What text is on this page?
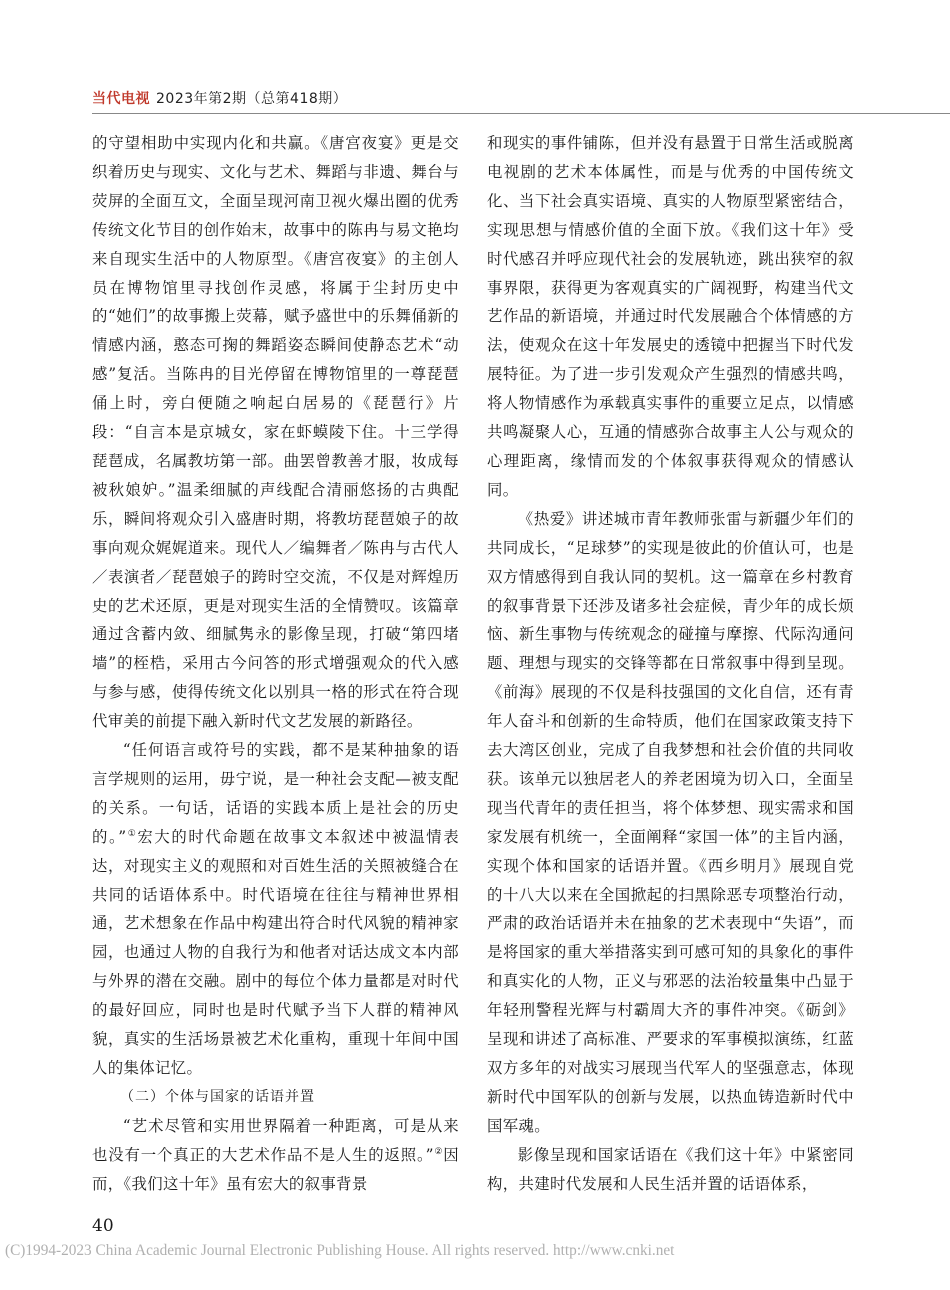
当代电视 2023年第2期（总第418期）

的守望相助中实现内化和共赢。《唐宫夜宴》更是交织着历史与现实、文化与艺术、舞蹈与非遗、舞台与荧屏的全面互文，全面呈现河南卫视火爆出圈的优秀传统文化节目的创作始末，故事中的陈冉与易文艳均来自现实生活中的人物原型。《唐宫夜宴》的主创人员在博物馆里寻找创作灵感，将属于尘封历史中的“她们”的故事搬上荧幕，赋予盛世中的乐舞俑新的情感内涵，憨态可掬的舞蹈姿态瞬间使静态艺术“动感”复活。当陈冉的目光停留在博物馆里的一尊琵琶俑上时，旁白便随之响起白居易的《琵琶行》片段：“自言本是京城女，家在虾蟆陵下住。十三学得琵琶成，名属教坊第一部。曲罢曾教善才服，妆成每被秋娘妒。”温柔细腻的声线配合清丽悠扬的古典配乐，瞬间将观众引入盛唐时期，将教坊琵琶娘子的故事向观众娓娓道来。现代人／编舞者／陈冉与古代人／表演者／琵琶娘子的跨时空交流，不仅是对辉煌历史的艺术还原，更是对现实生活的全情赞叹。该篇章通过含蓄内敛、细腻隽永的影像呈现，打破“第四堵墙”的桎梏，采用古今问答的形式增强观众的代入感与参与感，使得传统文化以别具一格的形式在符合现代审美的前提下融入新时代文艺发展的新路径。

“任何语言或符号的实践，都不是某种抽象的语言学规则的运用，毋宁说，是一种社会支配—被支配的关系。一句话，话语的实践本质上是社会的历史的。”①宏大的时代命题在故事文本叙述中被温情表达，对现实主义的观照和对百姓生活的关照被缝合在共同的话语体系中。时代语境在往往与精神世界相通，艺术想象在作品中构建出符合时代风貌的精神家园，也通过人物的自我行为和他者对话达成文本内部与外界的潜在交融。剧中的每位个体力量都是对时代的最好回应，同时也是时代赋予当下人群的精神风貌，真实的生活场景被艺术化重构，重现十年间中国人的集体记忆。

（二）个体与国家的话语并置

“艺术尽管和实用世界隔着一种距离，可是从来也没有一个真正的大艺术作品不是人生的返照。”②因而，《我们这十年》虽有宏大的叙事背景

和现实的事件铺陈，但并没有悬置于日常生活或脱离电视剧的艺术本体属性，而是与优秀的中国传统文化、当下社会真实语境、真实的人物原型紧密结合，实现思想与情感价值的全面下放。《我们这十年》受时代感召并呼应现代社会的发展轨迹，跳出狭窄的叙事界限，获得更为客观真实的广阔视野，构建当代文艺作品的新语境，并通过时代发展融合个体情感的方法，使观众在这十年发展史的透镜中把握当下时代发展特征。为了进一步引发观众产生强烈的情感共鸣，将人物情感作为承载真实事件的重要立足点，以情感共鸣凝聚人心，互通的情感弥合故事主人公与观众的心理距离，缘情而发的个体叙事获得观众的情感认同。

《热爱》讲述城市青年教师张雷与新疆少年们的共同成长，“足球梦”的实现是彼此的价值认可，也是双方情感得到自我认同的契机。这一篇章在乡村教育的叙事背景下还涉及诸多社会症候，青少年的成长烦恼、新生事物与传统观念的碰撞与摩擦、代际沟通问题、理想与现实的交锋等都在日常叙事中得到呈现。《前海》展现的不仅是科技强国的文化自信，还有青年人奋斗和创新的生命特质，他们在国家政策支持下去大湾区创业，完成了自我梦想和社会价值的共同收获。该单元以独居老人的养老困境为切入口，全面呈现当代青年的责任担当，将个体梦想、现实需求和国家发展有机统一，全面阐释“家国一体”的主旨内涵，实现个体和国家的话语并置。《西乡明月》展现自党的十八大以来在全国掀起的扫黑除恶专项整治行动，严肃的政治话语并未在抽象的艺术表现中“失语”，而是将国家的重大举措落实到可感可知的具象化的事件和真实化的人物，正义与邪恶的法治较量集中凸显于年轻刑警程光辉与村霸周大齐的事件冲突。《砺剑》呈现和讲述了高标准、严要求的军事模拟演练，红蓝双方多年的对战实习展现当代军人的坚强意志，体现新时代中国军队的创新与发展，以热血铸造新时代中国军魂。

影像呈现和国家话语在《我们这十年》中紧密同构，共建时代发展和人民生活并置的话语体系，

40
(C)1994-2023 China Academic Journal Electronic Publishing House. All rights reserved. http://www.cnki.net
